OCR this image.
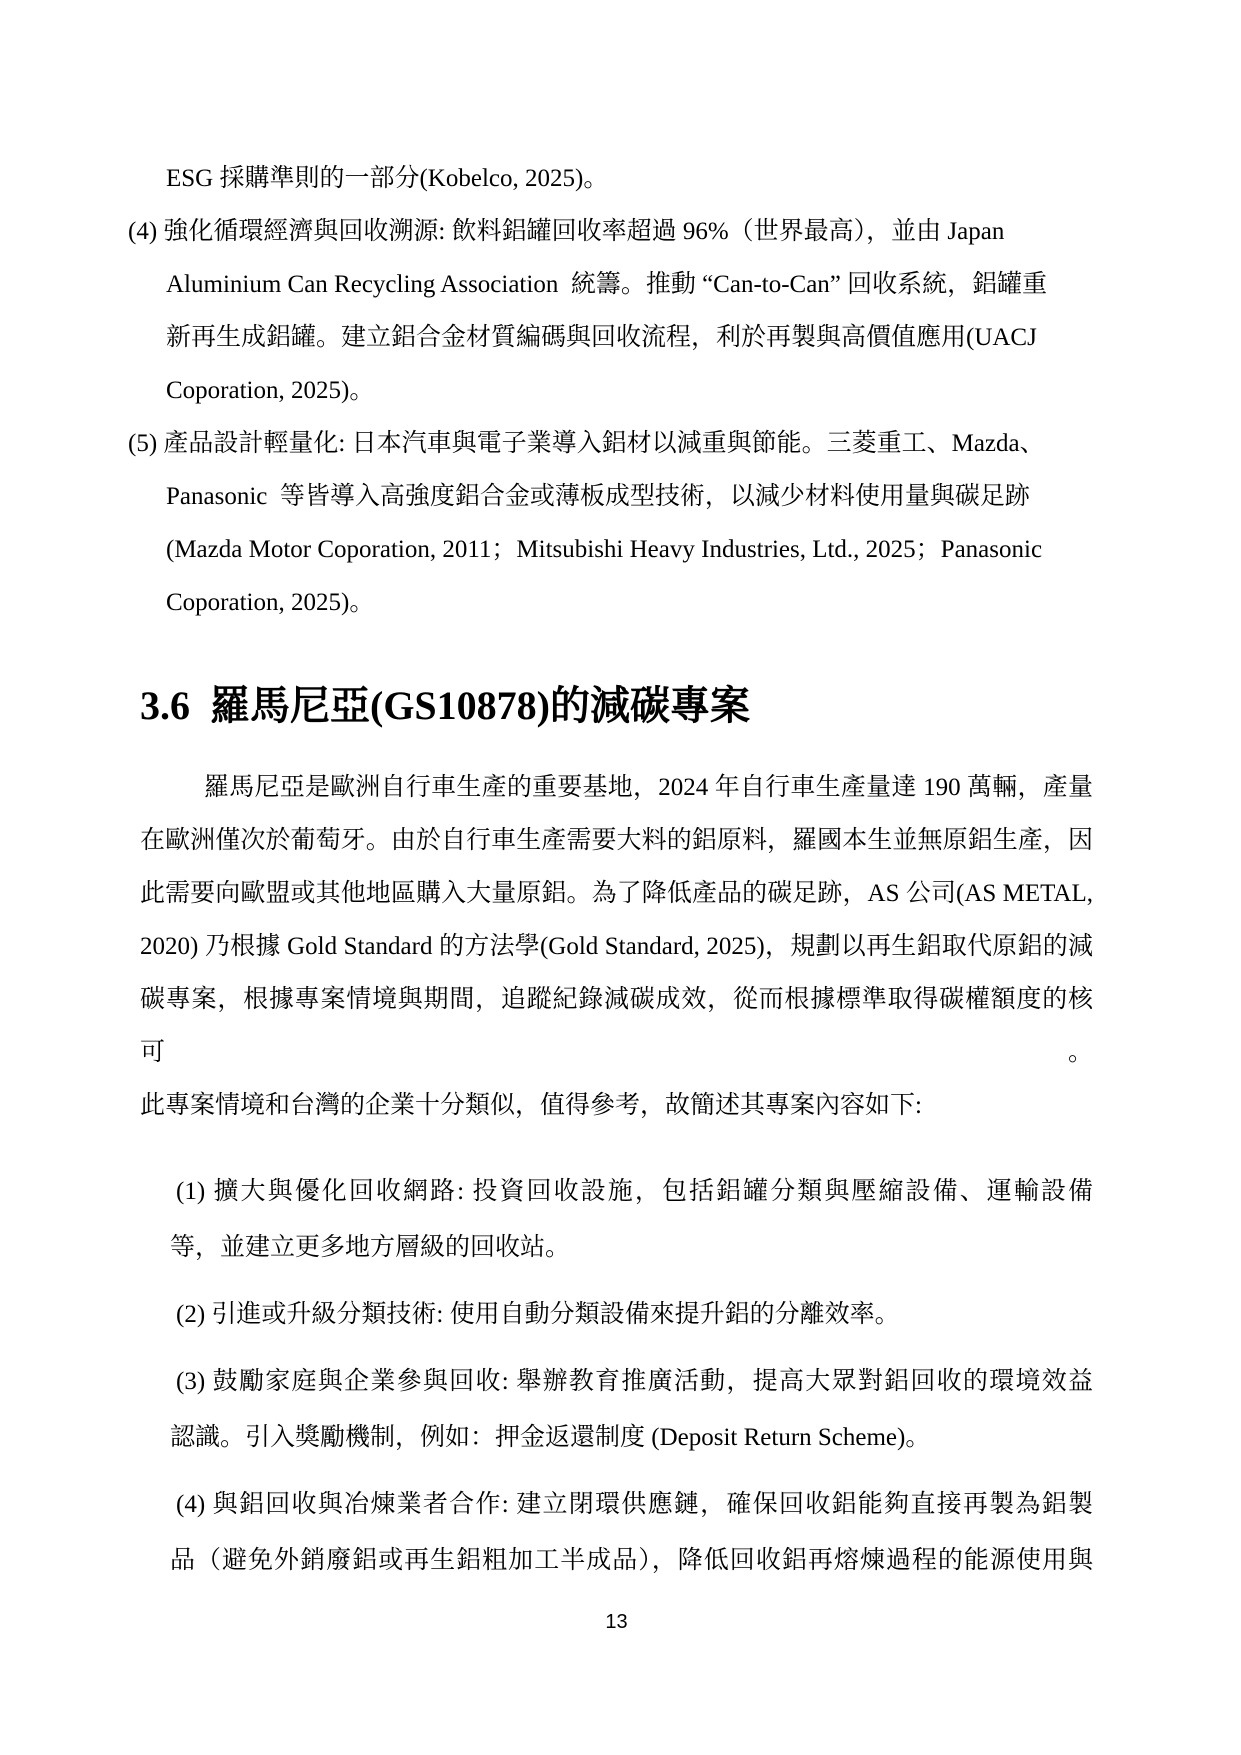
ESG 採購準則的一部分(Kobelco, 2025)。
(4) 強化循環經濟與回收溯源: 飲料鋁罐回收率超過 96%（世界最高），並由 Japan
Aluminium Can Recycling Association  統籌。推動 “Can-to-Can” 回收系統，鋁罐重
新再生成鋁罐。建立鋁合金材質編碼與回收流程，利於再製與高價值應用(UACJ
Coporation, 2025)。
(5) 產品設計輕量化: 日本汽車與電子業導入鋁材以減重與節能。三菱重工、Mazda、
Panasonic  等皆導入高強度鋁合金或薄板成型技術，以減少材料使用量與碳足跡
(Mazda Motor Coporation, 2011；Mitsubishi Heavy Industries, Ltd., 2025；Panasonic
Coporation, 2025)。
3.6 羅馬尼亞(GS10878)的減碳專案
羅馬尼亞是歐洲自行車生產的重要基地，2024 年自行車生產量達 190 萬輛，產量
在歐洲僅次於葡萄牙。由於自行車生產需要大料的鋁原料，羅國本生並無原鋁生產，因
此需要向歐盟或其他地區購入大量原鋁。為了降低產品的碳足跡，AS 公司(AS METAL,
2020) 乃根據 Gold Standard 的方法學(Gold Standard, 2025)，規劃以再生鋁取代原鋁的減
碳專案，根據專案情境與期間，追蹤紀錄減碳成效，從而根據標準取得碳權額度的核可。
此專案情境和台灣的企業十分類似，值得參考，故簡述其專案內容如下:
(1) 擴大與優化回收網路: 投資回收設施，包括鋁罐分類與壓縮設備、運輸設備
等，並建立更多地方層級的回收站。
(2) 引進或升級分類技術: 使用自動分類設備來提升鋁的分離效率。
(3) 鼓勵家庭與企業參與回收: 舉辦教育推廣活動，提高大眾對鋁回收的環境效益
認識。引入獎勵機制，例如：押金返還制度 (Deposit Return Scheme)。
(4) 與鋁回收與冶煉業者合作: 建立閉環供應鏈，確保回收鋁能夠直接再製為鋁製
品（避免外銷廢鋁或再生鋁粗加工半成品），降低回收鋁再熔煉過程的能源使用與
13
